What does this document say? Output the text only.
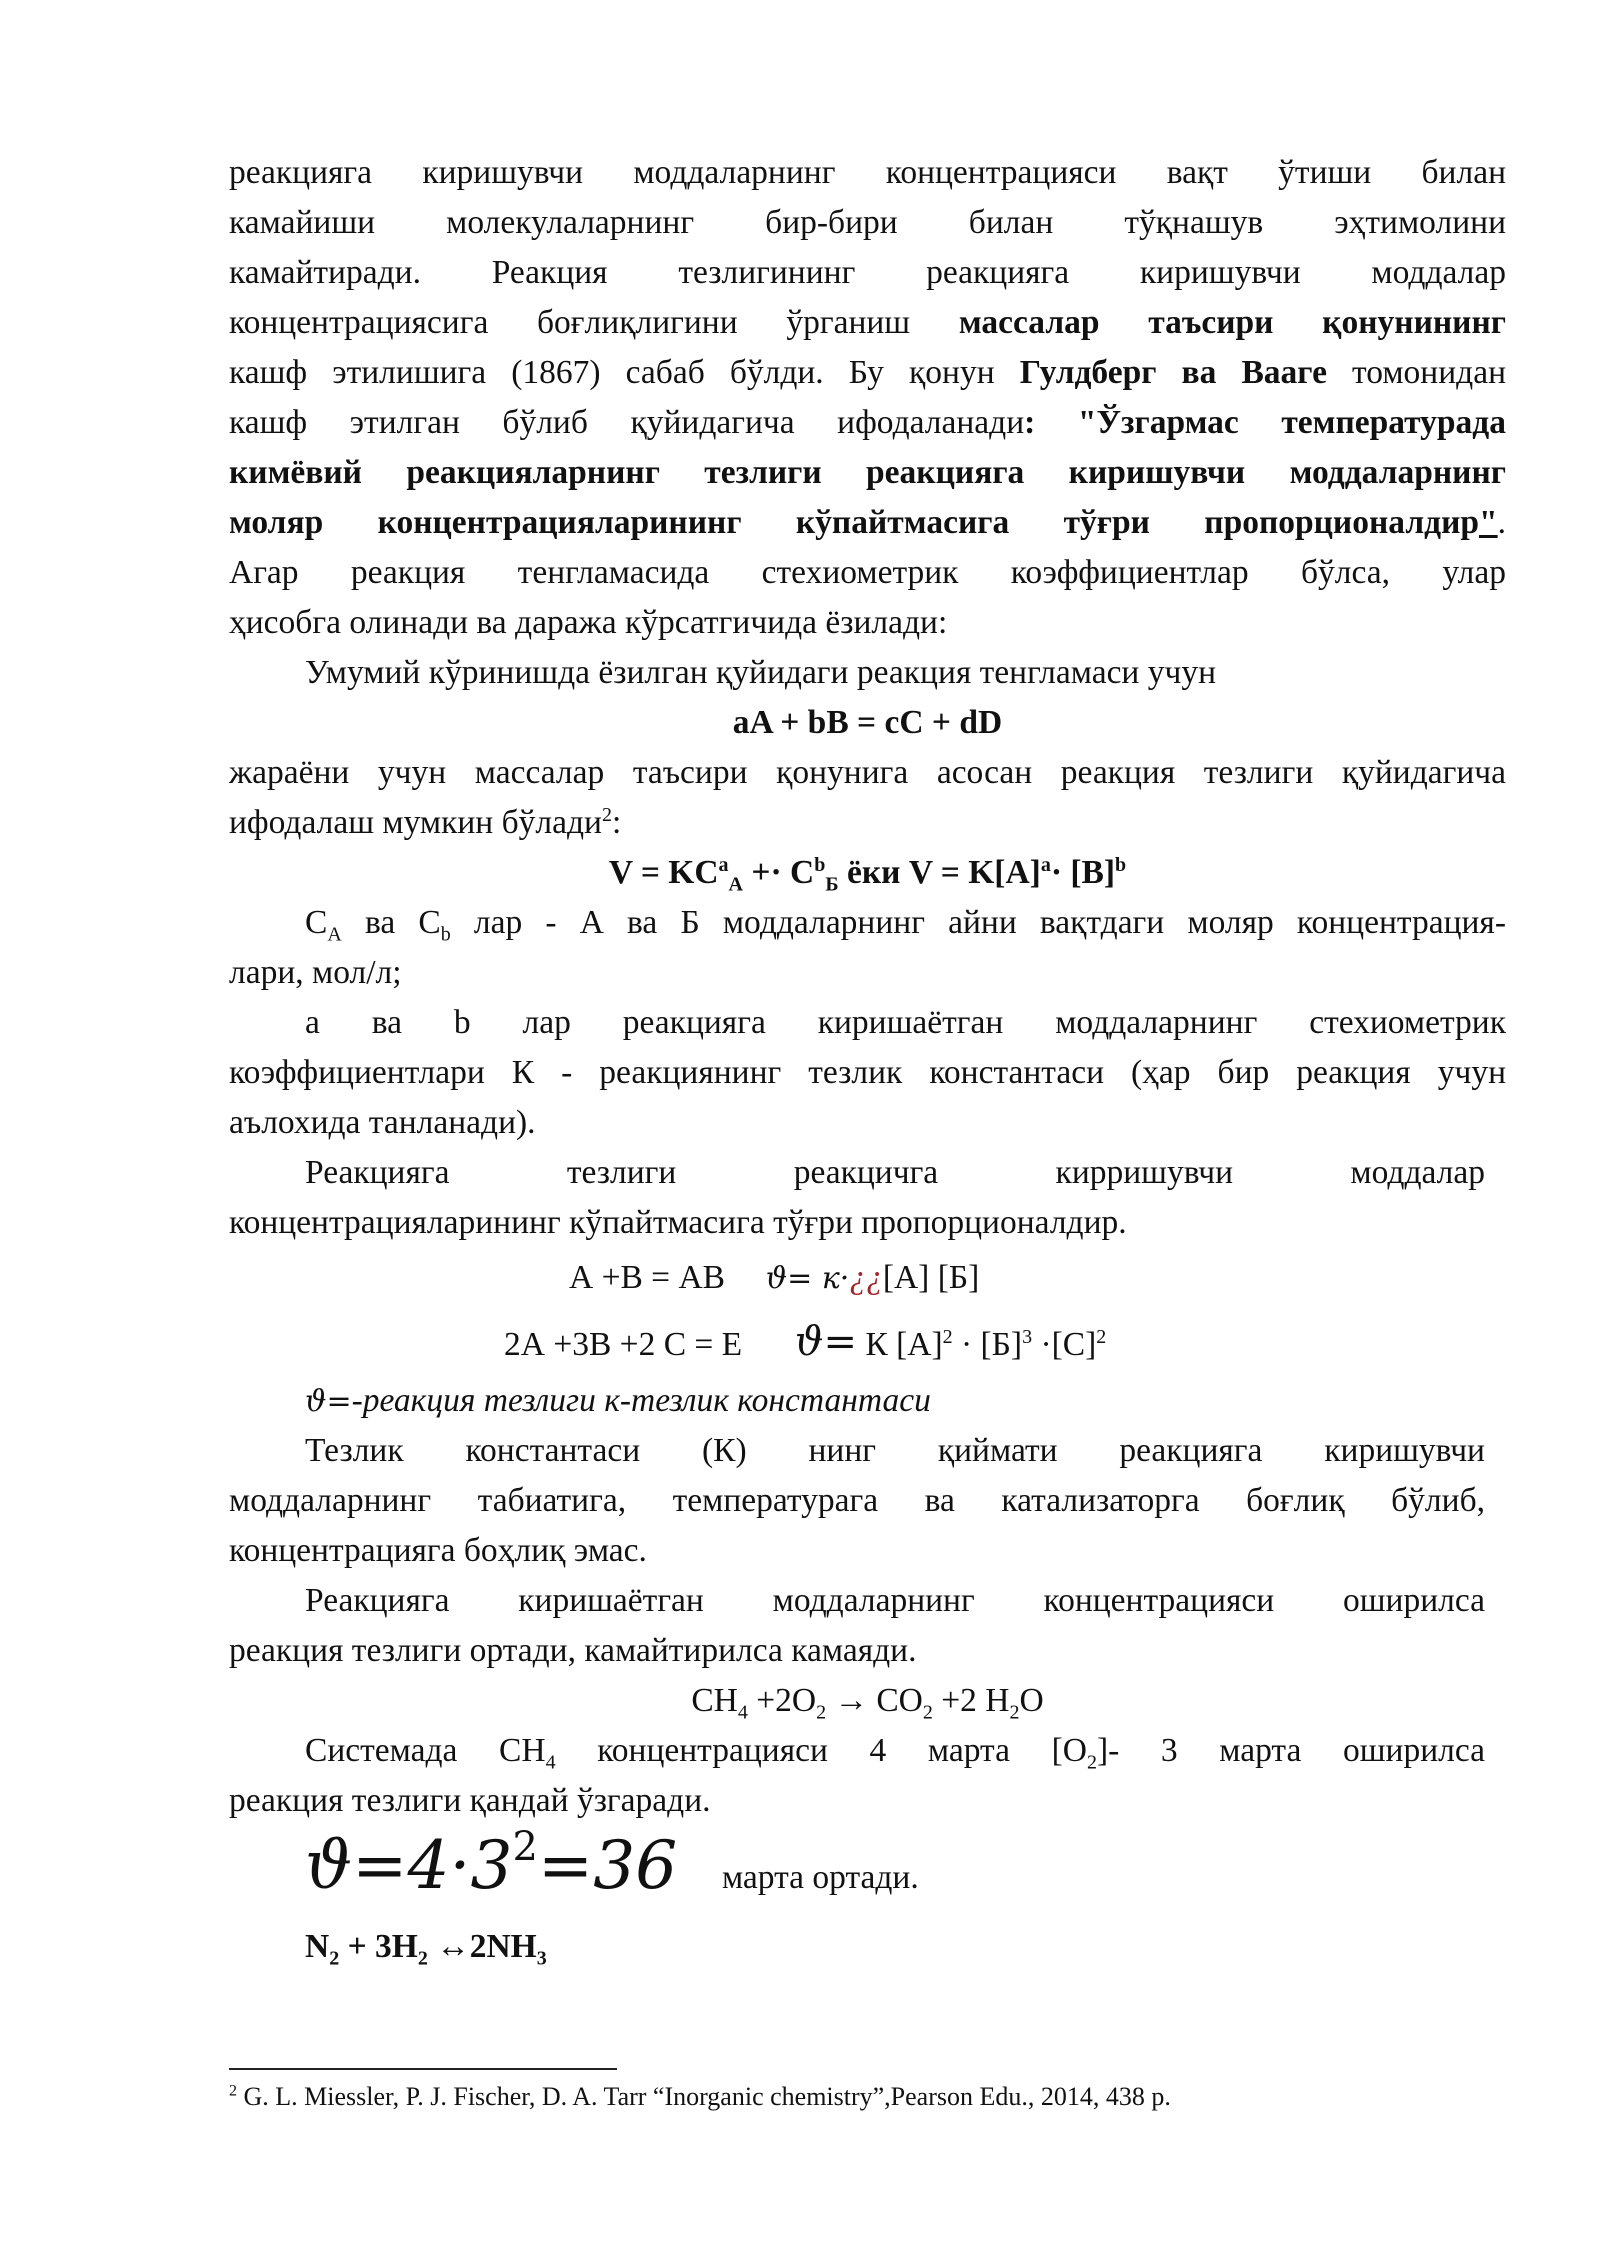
реакцияга киришувчи моддаларнинг концентрацияси вақт ўтиши билан
камайиши молекулаларнинг бир-бири билан тўқнашув эҳтимолини
камайтиради. Реакция тезлигининг реакцияга киришувчи моддалар
концентрациясига боғлиқлигини ўрганиш массалар таъсири қонунининг
кашф этилишига (1867) сабаб бўлди. Бу қонун Гулдберг ва Вааге томонидан
кашф этилган бўлиб қуйидагича ифодаланади: "Ўзгармас температурада
кимёвий реакцияларнинг тезлиги реакцияга киришувчи моддаларнинг
моляр концентрацияларининг кўпайтмасига тўғри пропорционалдир".
Агар реакция тенгламасида стехиометрик коэффициентлар бўлса, улар
ҳисобга олинади ва даража кўрсатгичида ёзилади:
Умумий кўринишда ёзилган қуйидаги реакция тенгламаси учун
aA + bB = cC + dD
жараёни учун массалар таъсири қонунига асосан реакция тезлиги қуйидагича
ифодалаш мумкин бўлади$^2$:
$V = KC^a_A +\cdot C^b_Б$ ёки $V = K[A]^a\cdot [B]^b$
$C_A$ ва $C_b$ лар - А ва Б моддаларнинг айни вақтдаги моляр концентрация-
лари, мол/л;
a ва b лар реакцияга киришаётган моддаларнинг стехиометрик
коэффициентлари К - реакциянинг тезлик константаси (ҳар бир реакция учун
аълохида танланади).
Реакцияга тезлиги реакцичга кирришувчи моддалар
концентрацияларининг кўпайтмасига тўғри пропорционалдир.
А +В = АВ ϑ= к·¿¿[А] [Б]
2А +3В +2 С = Е ϑ= К $[А]^2 \cdot [Б]^3 \cdot[С]^2$
ϑ=-реакция тезлиги к-тезлик константаси
Тезлик константаси (К) нинг қиймати реакцияга киришувчи
моддаларнинг табиатига, температурага ва катализаторга боғлиқ бўлиб,
концентрацияга боҳлиқ эмас.
Реакцияга киришаётган моддаларнинг концентрацияси оширилса
реакция тезлиги ортади, камайтирилса камаяди.
$CH_4 +2O_2 \to CO_2 +2$ $H_2O$
Системада $CH_4$ концентрацияси 4 марта $[O_2]-$ 3 марта оширилса
реакция тезлиги қандай ўзгаради.
ϑ=4·32=36 марта ортади.
$N_2 + 3H_2$ $\leftrightarrow 2NH_3$
$^2$ G. L. Miessler, P. J. Fischer, D. A. Tarr “Inorganic chemistry”,Pearson Edu., 2014, 438 p.
